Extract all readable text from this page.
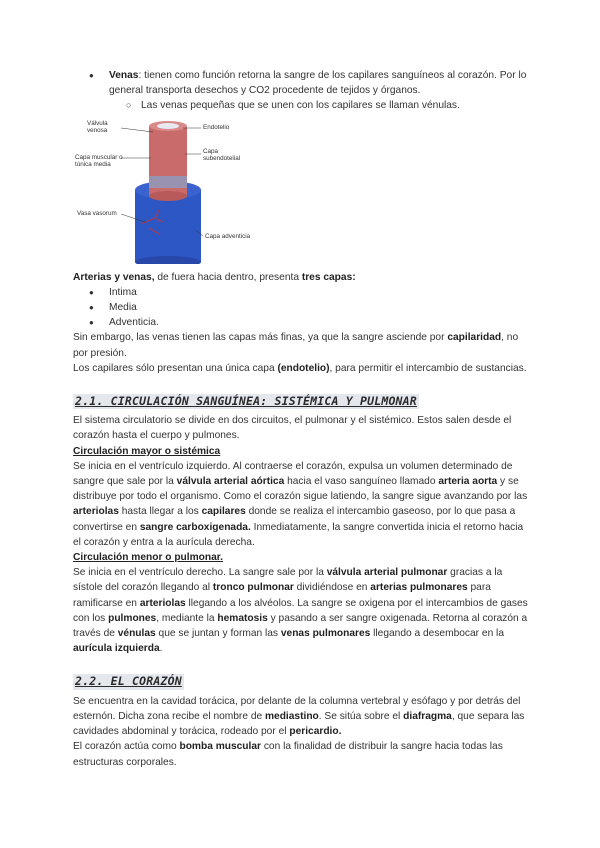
● Venas: tienen como función retorna la sangre de los capilares sanguíneos al corazón. Por lo general transporta desechos y CO2 procedente de tejidos y órganos.
○ Las venas pequeñas que se unen con los capilares se llaman vénulas.
Válvula venosa
Capa muscular o túnica media
Vasa vasorum
Endotelio
Capa subendotelial
Capa adventicia

Arterias y venas, de fuera hacia dentro, presenta tres capas:

● Intima
● Media
● Adventicia.

Sin embargo, las venas tienen las capas más finas, ya que la sangre asciende por capilaridad, no por presión.

Los capilares sólo presentan una única capa (endotelio), para permitir el intercambio de sustancias.

2.1. CIRCULACIÓN SANGUÍNEA: SISTÉMICA Y PULMONAR

El sistema circulatorio se divide en dos circuitos, el pulmonar y el sistémico. Estos salen desde el corazón hasta el cuerpo y pulmones.

Circulación mayor o sistémica

Se inicia en el ventrículo izquierdo. Al contraerse el corazón, expulsa un volumen determinado de sangre que sale por la válvula arterial aórtica hacia el vaso sanguíneo llamado arteria aorta y se distribuye por todo el organismo. Como el corazón sigue latiendo, la sangre sigue avanzando por las arteriolas hasta llegar a los capilares donde se realiza el intercambio gaseoso, por lo que pasa a convertirse en sangre carboxigenada. Inmediatamente, la sangre convertida inicia el retorno hacia el corazón y entra a la aurícula derecha.

Circulación menor o pulmonar.

Se inicia en el ventrículo derecho. La sangre sale por la válvula arterial pulmonar gracias a la sístole del corazón llegando al tronco pulmonar dividiéndose en arterias pulmonares para ramificarse en arteriolas llegando a los alvéolos. La sangre se oxigena por el intercambios de gases con los pulmones, mediante la hematosis y pasando a ser sangre oxigenada. Retorna al corazón a través de vénulas que se juntan y forman las venas pulmonares llegando a desembocar en la aurícula izquierda.

2.2. EL CORAZÓN

Se encuentra en la cavidad torácica, por delante de la columna vertebral y esófago y por detrás del esternón. Dicha zona recibe el nombre de mediastino. Se sitúa sobre el diafragma, que separa las cavidades abdominal y torácica, rodeado por el pericardio.

El corazón actúa como bomba muscular con la finalidad de distribuir la sangre hacia todas las estructuras corporales.
